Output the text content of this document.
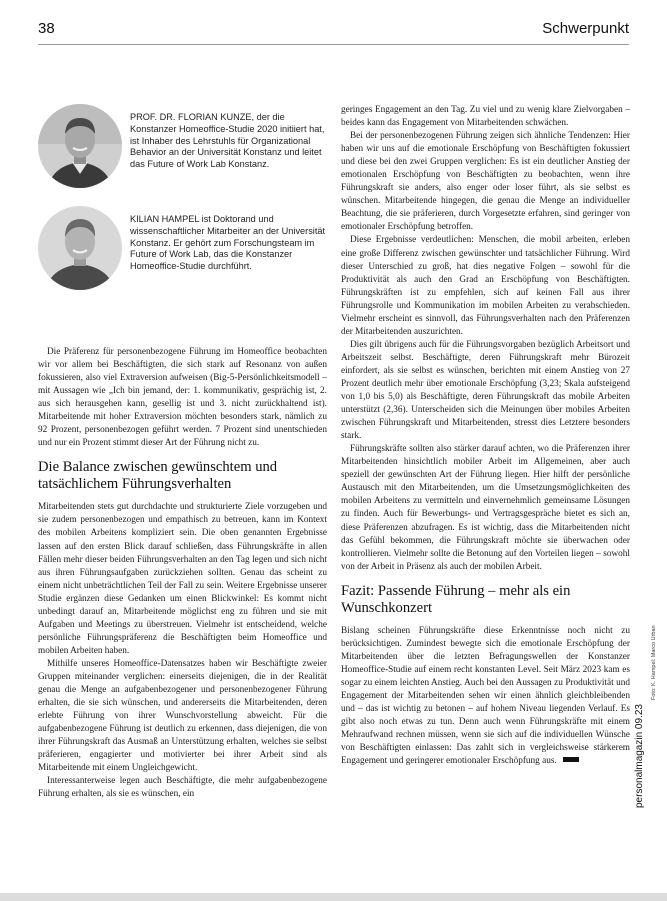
38	Schwerpunkt
PROF. DR. FLORIAN KUNZE, der die Konstanzer Homeoffice-Studie 2020 initiiert hat, ist Inhaber des Lehrstuhls für Organizational Behavior an der Universität Konstanz und leitet das Future of Work Lab Konstanz.
KILIAN HAMPEL ist Doktorand und wissenschaftlicher Mitarbeiter an der Universität Konstanz. Er gehört zum Forschungsteam im Future of Work Lab, das die Konstanzer Homeoffice-Studie durchführt.

Die Präferenz für personenbezogene Führung im Homeoffice beobachten wir vor allem bei Beschäftigten, die sich stark auf Resonanz von außen fokussieren, also viel Extraversion aufweisen (Big-5-Persönlichkeitsmodell – mit Aussagen wie „Ich bin jemand, der: 1. kommunikativ, gesprächig ist, 2. aus sich herausgehen kann, gesellig ist und 3. nicht zurückhaltend ist). Mitarbeitende mit hoher Extraversion möchten besonders stark, nämlich zu 92 Prozent, personenbezogen geführt werden. 7 Prozent sind unentschieden und nur ein Prozent stimmt dieser Art der Führung nicht zu.

Die Balance zwischen gewünschtem und tatsächlichem Führungsverhalten

Mitarbeitenden stets gut durchdachte und strukturierte Ziele vorzugeben und sie zudem personenbezogen und empathisch zu betreuen, kann im Kontext des mobilen Arbeitens kompliziert sein. Die oben genannten Ergebnisse lassen auf den ersten Blick darauf schließen, dass Führungskräfte in allen Fällen mehr dieser beiden Führungsverhalten an den Tag legen und sich nicht aus ihren Führungsaufgaben zurückziehen sollten. Genau das scheint zu einem nicht unbeträchtlichen Teil der Fall zu sein. Weitere Ergebnisse unserer Studie ergänzen diese Gedanken um einen Blickwinkel: Es kommt nicht unbedingt darauf an, Mitarbeitende möglichst eng zu führen und sie mit Aufgaben und Meetings zu überstreuen. Vielmehr ist entscheidend, welche persönliche Führungspräferenz die Beschäftigten beim Homeoffice und mobilen Arbeiten haben.

Mithilfe unseres Homeoffice-Datensatzes haben wir Beschäftigte zweier Gruppen miteinander verglichen: einerseits diejenigen, die in der Realität genau die Menge an aufgabenbezogener und personenbezogener Führung erhalten, die sie sich wünschen, und andererseits die Mitarbeitenden, deren erlebte Führung von ihrer Wunschvorstellung abweicht. Für die aufgabenbezogene Führung ist deutlich zu erkennen, dass diejenigen, die von ihrer Führungskraft das Ausmaß an Unterstützung erhalten, welches sie selbst präferieren, engagierter und motivierter bei ihrer Arbeit sind als Mitarbeitende mit einem Ungleichgewicht.

Interessanterweise legen auch Beschäftigte, die mehr aufgabenbezogene Führung erhalten, als sie es wünschen, ein

geringes Engagement an den Tag. Zu viel und zu wenig klare Zielvorgaben – beides kann das Engagement von Mitarbeitenden schwächen.

Bei der personenbezogenen Führung zeigen sich ähnliche Tendenzen: Hier haben wir uns auf die emotionale Erschöpfung von Beschäftigten fokussiert und diese bei den zwei Gruppen verglichen: Es ist ein deutlicher Anstieg der emotionalen Erschöpfung von Beschäftigten zu beobachten, wenn ihre Führungskraft sie anders, also enger oder loser führt, als sie selbst es wünschen. Mitarbeitende hingegen, die genau die Menge an individueller Beachtung, die sie präferieren, durch Vorgesetzte erfahren, sind geringer von emotionaler Erschöpfung betroffen.

Diese Ergebnisse verdeutlichen: Menschen, die mobil arbeiten, erleben eine große Differenz zwischen gewünschter und tatsächlicher Führung. Wird dieser Unterschied zu groß, hat dies negative Folgen – sowohl für die Produktivität als auch den Grad an Erschöpfung von Beschäftigten. Führungskräften ist zu empfehlen, sich auf keinen Fall aus ihrer Führungsrolle und Kommunikation im mobilen Arbeiten zu verabschieden. Vielmehr erscheint es sinnvoll, das Führungsverhalten nach den Präferenzen der Mitarbeitenden auszurichten.

Dies gilt übrigens auch für die Führungsvorgaben bezüglich Arbeitsort und Arbeitszeit selbst. Beschäftigte, deren Führungskraft mehr Bürozeit einfordert, als sie selbst es wünschen, berichten mit einem Anstieg von 27 Prozent deutlich mehr über emotionale Erschöpfung (3,23; Skala aufsteigend von 1,0 bis 5,0) als Beschäftigte, deren Führungskraft das mobile Arbeiten unterstützt (2,36). Unterscheiden sich die Meinungen über mobiles Arbeiten zwischen Führungskraft und Mitarbeitenden, stresst dies Letztere besonders stark.

Führungskräfte sollten also stärker darauf achten, wo die Präferenzen ihrer Mitarbeitenden hinsichtlich mobiler Arbeit im Allgemeinen, aber auch speziell der gewünschten Art der Führung liegen. Hier hilft der persönliche Austausch mit den Mitarbeitenden, um die Umsetzungsmöglichkeiten des mobilen Arbeitens zu vermitteln und einvernehmlich gemeinsame Lösungen zu finden. Auch für Bewerbungs- und Vertragsgespräche bietet es sich an, diese Präferenzen abzufragen. Es ist wichtig, dass die Mitarbeitenden nicht das Gefühl bekommen, die Führungskraft möchte sie überwachen oder kontrollieren. Vielmehr sollte die Betonung auf den Vorteilen liegen – sowohl von der Arbeit in Präsenz als auch der mobilen Arbeit.

Fazit: Passende Führung – mehr als ein Wunschkonzert

Bislang scheinen Führungskräfte diese Erkenntnisse noch nicht zu berücksichtigen. Zumindest bewegte sich die emotionale Erschöpfung der Mitarbeitenden über die letzten Befragungswellen der Konstanzer Homeoffice-Studie auf einem recht konstanten Level. Seit März 2023 kam es sogar zu einem leichten Anstieg. Auch bei den Aussagen zu Produktivität und Engagement der Mitarbeitenden sehen wir einen ähnlich gleichbleibenden und – das ist wichtig zu betonen – auf hohem Niveau liegenden Verlauf. Es gibt also noch etwas zu tun. Denn auch wenn Führungskräfte mit einem Mehraufwand rechnen müssen, wenn sie sich auf die individuellen Wünsche von Beschäftigten einlassen: Das zahlt sich in vergleichsweise stärkerem Engagement und geringerer emotionaler Erschöpfung aus.	personalmagazin 09.23
Foto: K. Hampel: Marco Urban
